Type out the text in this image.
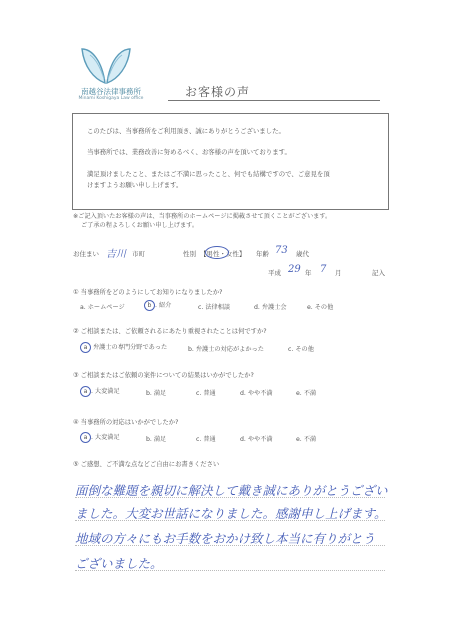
南越谷法律事務所
Minami Koshigaya Law office	お客様の声

このたびは、当事務所をご利用頂き、誠にありがとうございました。

当事務所では、業務改善に努めるべく、お客様の声を頂いております。

満足頂けましたこと、またはご不満に思ったこと、何でも結構ですので、ご意見を頂

けますようお願い申し上げます。

※ご記入頂いたお客様の声は、当事務所のホームページに掲載させて頂くことがございます。
ご了承の程よろしくお願い申し上げます。
お住まい 吉川 市町	性別 【男性・女性】 年齢 73 歳代
平成 29 年 7 月	記入
① 当事務所をどのようにしてお知りになりましたか?
a. ホームページ	b . 紹介	c. 法律相談	d. 弁護士会	e. その他
② ご相談または、ご依頼されるにあたり重視されたことは何ですか?
a 弁護士の専門分野であった	b. 弁護士の対応がよかった	c. その他
③ ご相談またはご依頼の案件についての結果はいかがでしたか?
a . 大変満足	b. 満足	c. 普通	d. やや不満	e. 不満
④ 当事務所の対応はいかがでしたか?
a . 大変満足	b. 満足	c. 普通	d. やや不満	e. 不満
⑤ ご感想、ご不満な点などご自由にお書きください
面倒な難題を親切に解決して戴き誠にありがとうござい
ました。大変お世話になりました。感謝申し上げます。
地域の方々にもお手数をおかけ致し本当に有りがとう
ございました。
